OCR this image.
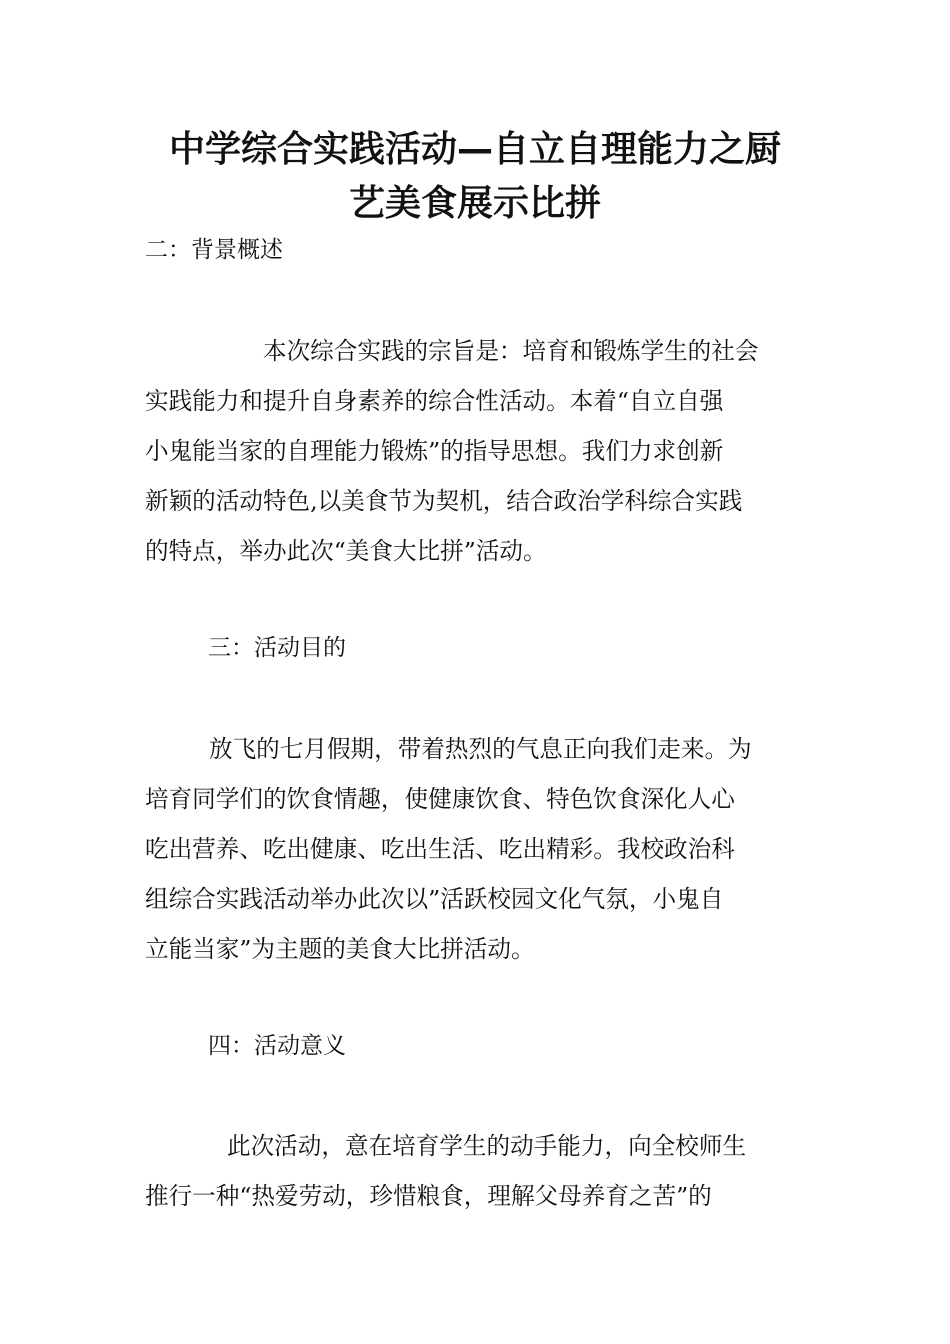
中学综合实践活动—自立自理能力之厨
艺美食展示比拼

二：背景概述

本次综合实践的宗旨是：培育和锻炼学生的社会
实践能力和提升自身素养的综合性活动。本着“自立自强
小鬼能当家的自理能力锻炼”的指导思想。我们力求创新
新颖的活动特色,以美食节为契机，结合政治学科综合实践
的特点，举办此次“美食大比拼”活动。

三：活动目的

放飞的七月假期，带着热烈的气息正向我们走来。为
培育同学们的饮食情趣，使健康饮食、特色饮食深化人心
吃出营养、吃出健康、吃出生活、吃出精彩。我校政治科
组综合实践活动举办此次以”活跃校园文化气氛，小鬼自
立能当家”为主题的美食大比拼活动。

四：活动意义

此次活动，意在培育学生的动手能力，向全校师生
推行一种“热爱劳动，珍惜粮食，理解父母养育之苦”的
